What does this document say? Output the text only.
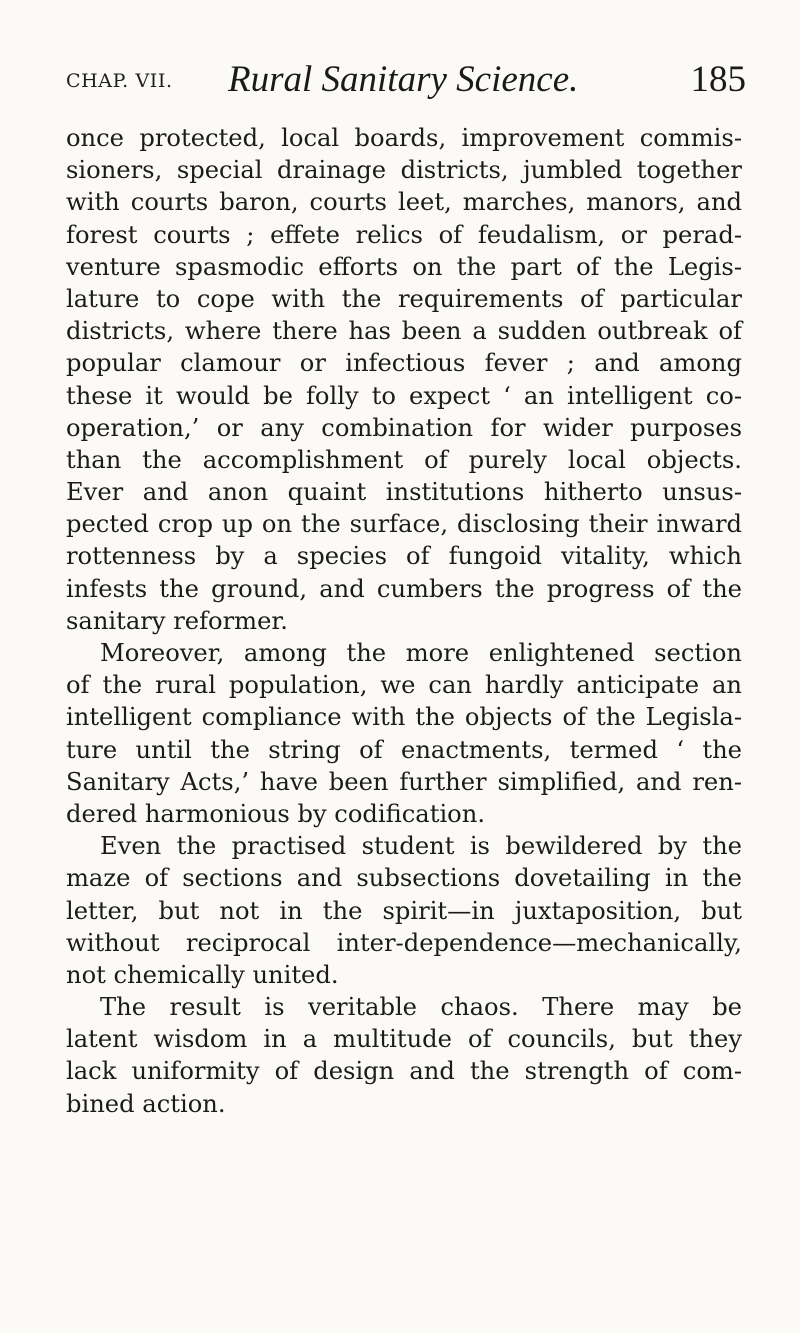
CHAP. VII. Rural Sanitary Science.	185
once protected, local boards, improvement commis-
sioners, special drainage districts, jumbled together
with courts baron, courts leet, marches, manors, and
forest courts ; effete relics of feudalism, or perad-
venture spasmodic efforts on the part of the Legis-
lature to cope with the requirements of particular
districts, where there has been a sudden outbreak of
popular clamour or infectious fever ; and among
these it would be folly to expect ‘ an intelligent co-
operation,’ or any combination for wider purposes
than the accomplishment of purely local objects.
Ever and anon quaint institutions hitherto unsus-
pected crop up on the surface, disclosing their inward
rottenness by a species of fungoid vitality, which
infests the ground, and cumbers the progress of the
sanitary reformer.
Moreover, among the more enlightened section
of the rural population, we can hardly anticipate an
intelligent compliance with the objects of the Legisla-
ture until the string of enactments, termed ‘ the
Sanitary Acts,’ have been further simplified, and ren-
dered harmonious by codification.
Even the practised student is bewildered by the
maze of sections and subsections dovetailing in the
letter, but not in the spirit—in juxtaposition, but
without reciprocal inter-dependence—mechanically,
not chemically united.
The result is veritable chaos. There may be
latent wisdom in a multitude of councils, but they
lack uniformity of design and the strength of com-
bined action.
